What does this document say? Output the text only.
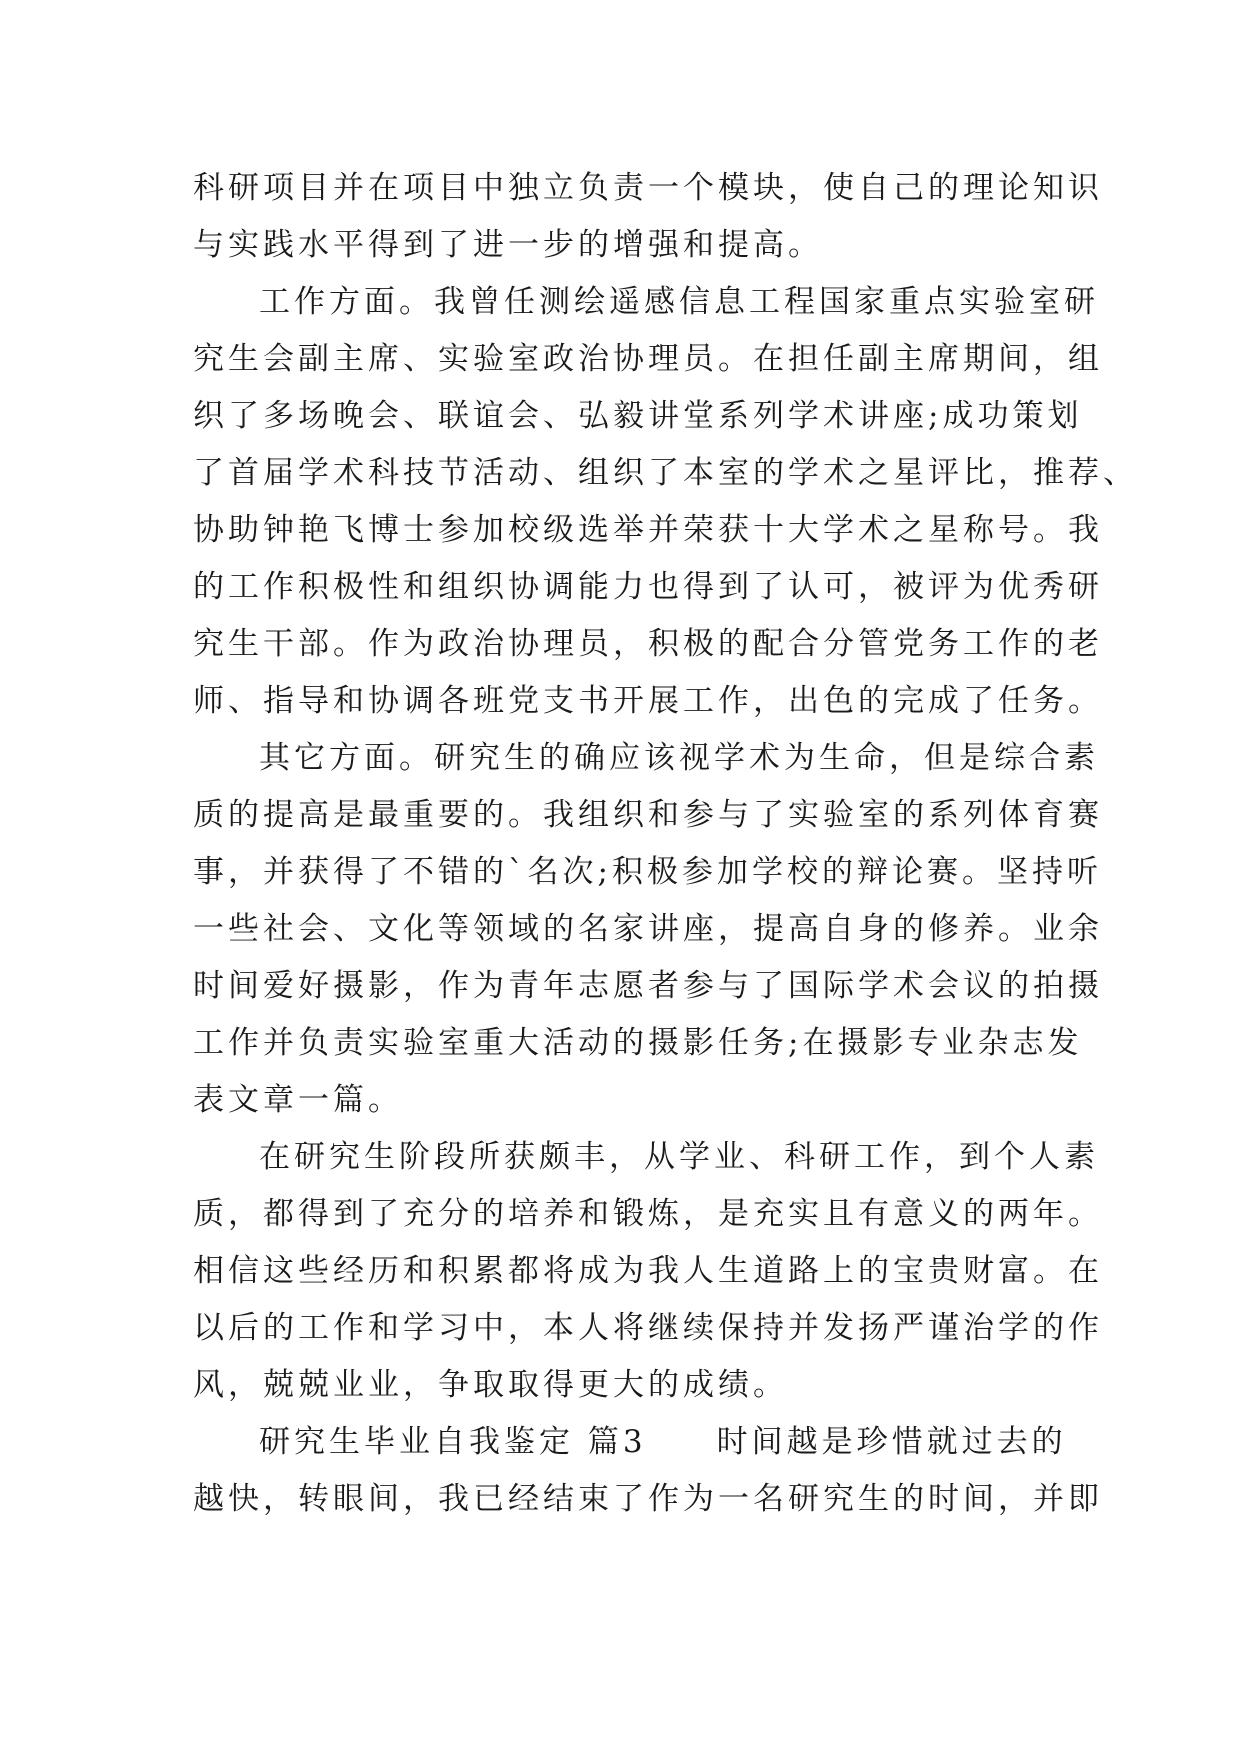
科研项目并在项目中独立负责一个模块，使自己的理论知识
与实践水平得到了进一步的增强和提高。
工作方面。我曾任测绘遥感信息工程国家重点实验室研
究生会副主席、实验室政治协理员。在担任副主席期间，组
织了多场晚会、联谊会、弘毅讲堂系列学术讲座;成功策划
了首届学术科技节活动、组织了本室的学术之星评比，推荐、
协助钟艳飞博士参加校级选举并荣获十大学术之星称号。我
的工作积极性和组织协调能力也得到了认可，被评为优秀研
究生干部。作为政治协理员，积极的配合分管党务工作的老
师、指导和协调各班党支书开展工作，出色的完成了任务。
其它方面。研究生的确应该视学术为生命，但是综合素
质的提高是最重要的。我组织和参与了实验室的系列体育赛
事，并获得了不错的`名次;积极参加学校的辩论赛。坚持听
一些社会、文化等领域的名家讲座，提高自身的修养。业余
时间爱好摄影，作为青年志愿者参与了国际学术会议的拍摄
工作并负责实验室重大活动的摄影任务;在摄影专业杂志发
表文章一篇。
在研究生阶段所获颇丰，从学业、科研工作，到个人素
质，都得到了充分的培养和锻炼，是充实且有意义的两年。
相信这些经历和积累都将成为我人生道路上的宝贵财富。在
以后的工作和学习中，本人将继续保持并发扬严谨治学的作
风，兢兢业业，争取取得更大的成绩。
研究生毕业自我鉴定 篇3　　时间越是珍惜就过去的
越快，转眼间，我已经结束了作为一名研究生的时间，并即
